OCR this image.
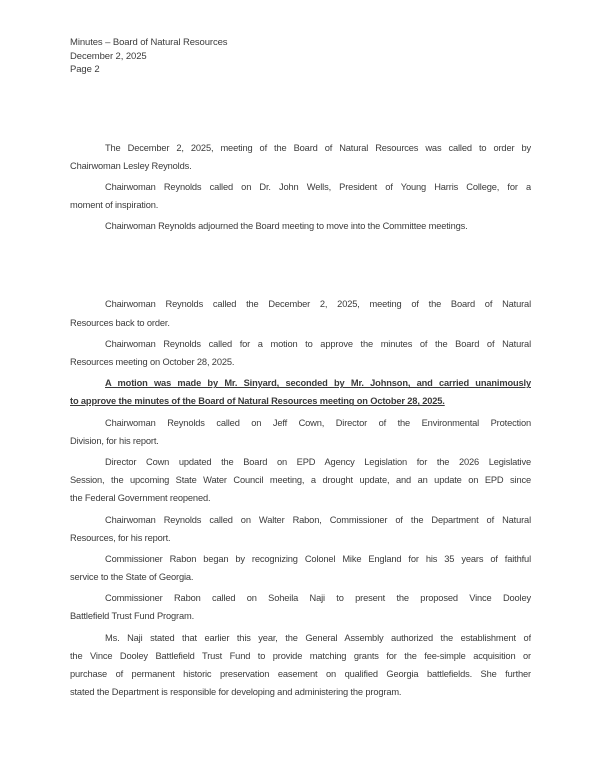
Minutes – Board of Natural Resources
December 2, 2025
Page 2
The December 2, 2025, meeting of the Board of Natural Resources was called to order by
Chairwoman Lesley Reynolds.
Chairwoman Reynolds called on Dr. John Wells, President of Young Harris College, for a
moment of inspiration.
Chairwoman Reynolds adjourned the Board meeting to move into the Committee meetings.
Chairwoman Reynolds called the December 2, 2025, meeting of the Board of Natural
Resources back to order.
Chairwoman Reynolds called for a motion to approve the minutes of the Board of Natural
Resources meeting on October 28, 2025.
A motion was made by Mr. Sinyard, seconded by Mr. Johnson, and carried unanimously
to approve the minutes of the Board of Natural Resources meeting on October 28, 2025.
Chairwoman Reynolds called on Jeff Cown, Director of the Environmental Protection
Division, for his report.
Director Cown updated the Board on EPD Agency Legislation for the 2026 Legislative
Session, the upcoming State Water Council meeting, a drought update, and an update on EPD since
the Federal Government reopened.
Chairwoman Reynolds called on Walter Rabon, Commissioner of the Department of Natural
Resources, for his report.
Commissioner Rabon began by recognizing Colonel Mike England for his 35 years of faithful
service to the State of Georgia.
Commissioner Rabon called on Soheila Naji to present the proposed Vince Dooley
Battlefield Trust Fund Program.
Ms. Naji stated that earlier this year, the General Assembly authorized the establishment of
the Vince Dooley Battlefield Trust Fund to provide matching grants for the fee-simple acquisition or
purchase of permanent historic preservation easement on qualified Georgia battlefields. She further
stated the Department is responsible for developing and administering the program.
